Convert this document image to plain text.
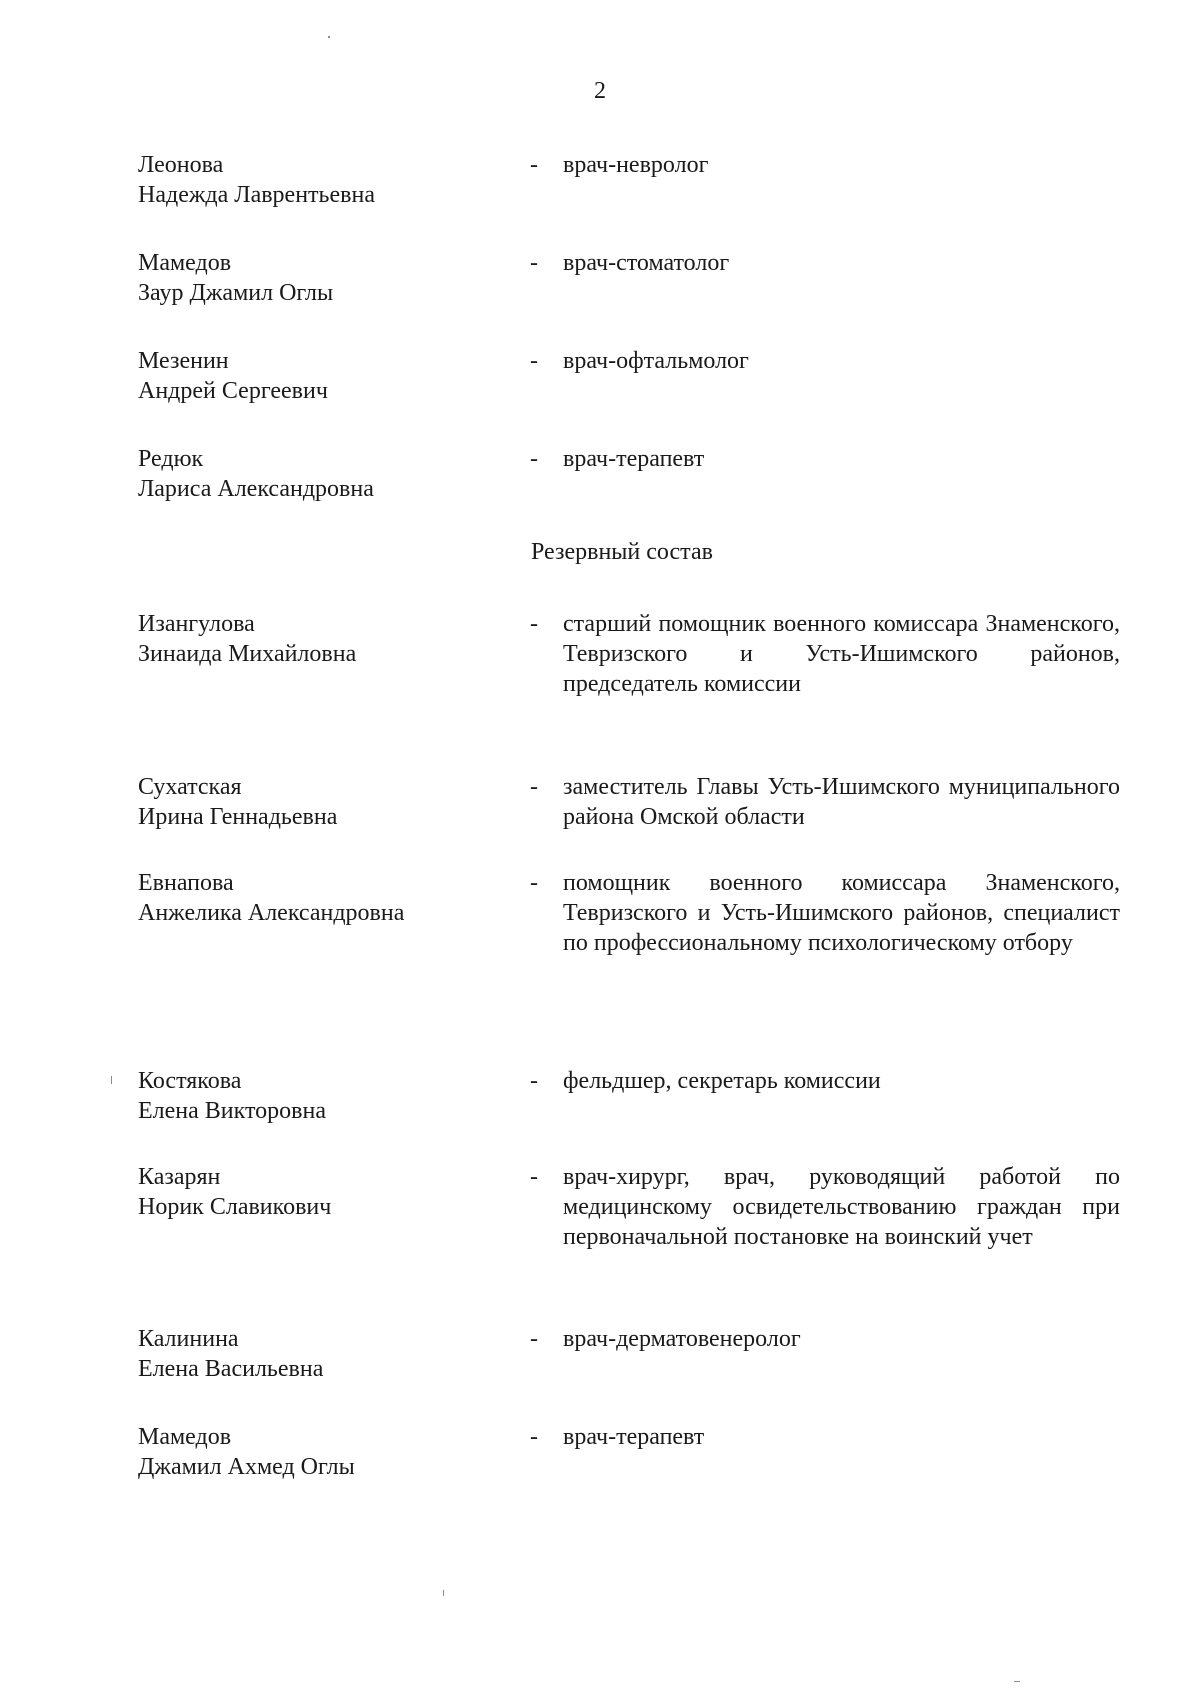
2
Леонова
Надежда Лаврентьевна
-	врач-невролог
Мамедов
Заур Джамил Оглы
-	врач-стоматолог
Мезенин
Андрей Сергеевич
-	врач-офтальмолог
Редюк
Лариса Александровна
-	врач-терапевт
Резервный состав
Изангулова
Зинаида Михайловна
-	старший помощник военного комиссара Знаменского, Тевризского и Усть-Ишимского районов, председатель комиссии
Сухатская
Ирина Геннадьевна
-	заместитель Главы Усть-Ишимского муниципального района Омской области
Евнапова
Анжелика Александровна
-	помощник военного комиссара Знаменского, Тевризского и Усть-Ишимского районов, специалист по профессиональному психологическому отбору
Костякова
Елена Викторовна
-	фельдшер, секретарь комиссии
Казарян
Норик Славикович
-	врач-хирург, врач, руководящий работой по медицинскому освидетельствованию граждан при первоначальной постановке на воинский учет
Калинина
Елена Васильевна
-	врач-дерматовенеролог
Мамедов
Джамил Ахмед Оглы
-	врач-терапевт
